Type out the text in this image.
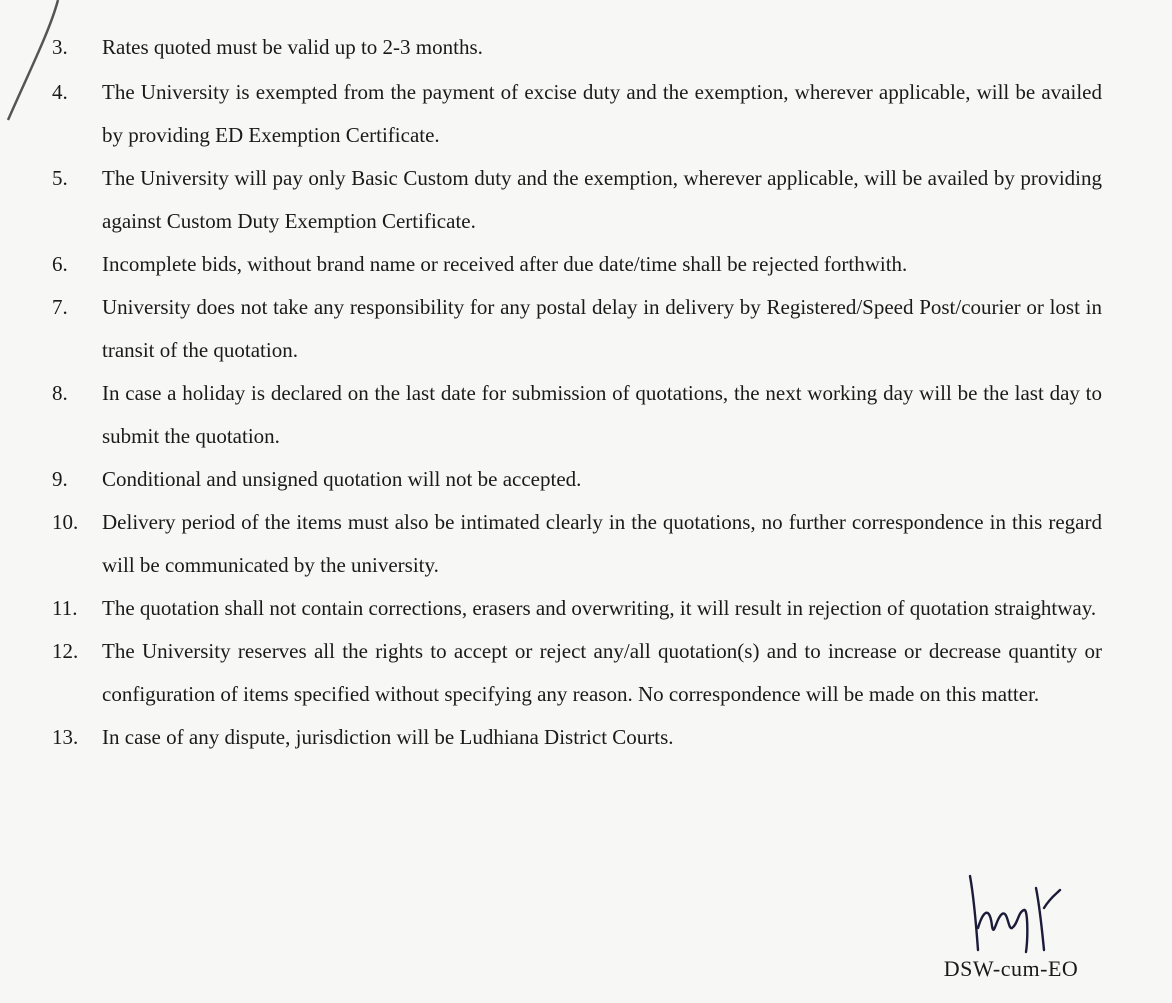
3.	Rates quoted must be valid up to 2-3 months.
4.	The University is exempted from the payment of excise duty and the exemption, wherever applicable, will be availed by providing ED Exemption Certificate.
5.	The University will pay only Basic Custom duty and the exemption, wherever applicable, will be availed by providing against Custom Duty Exemption Certificate.
6.	Incomplete bids, without brand name or received after due date/time shall be rejected forthwith.
7.	University does not take any responsibility for any postal delay in delivery by Registered/Speed Post/courier or lost in transit of the quotation.
8.	In case a holiday is declared on the last date for submission of quotations, the next working day will be the last day to submit the quotation.
9.	Conditional and unsigned quotation will not be accepted.
10.	Delivery period of the items must also be intimated clearly in the quotations, no further correspondence in this regard will be communicated by the university.
11.	The quotation shall not contain corrections, erasers and overwriting, it will result in rejection of quotation straightway.
12.	The University reserves all the rights to accept or reject any/all quotation(s) and to increase or decrease quantity or configuration of items specified without specifying any reason. No correspondence will be made on this matter.
13.	In case of any dispute, jurisdiction will be Ludhiana District Courts.
DSW-cum-EO
